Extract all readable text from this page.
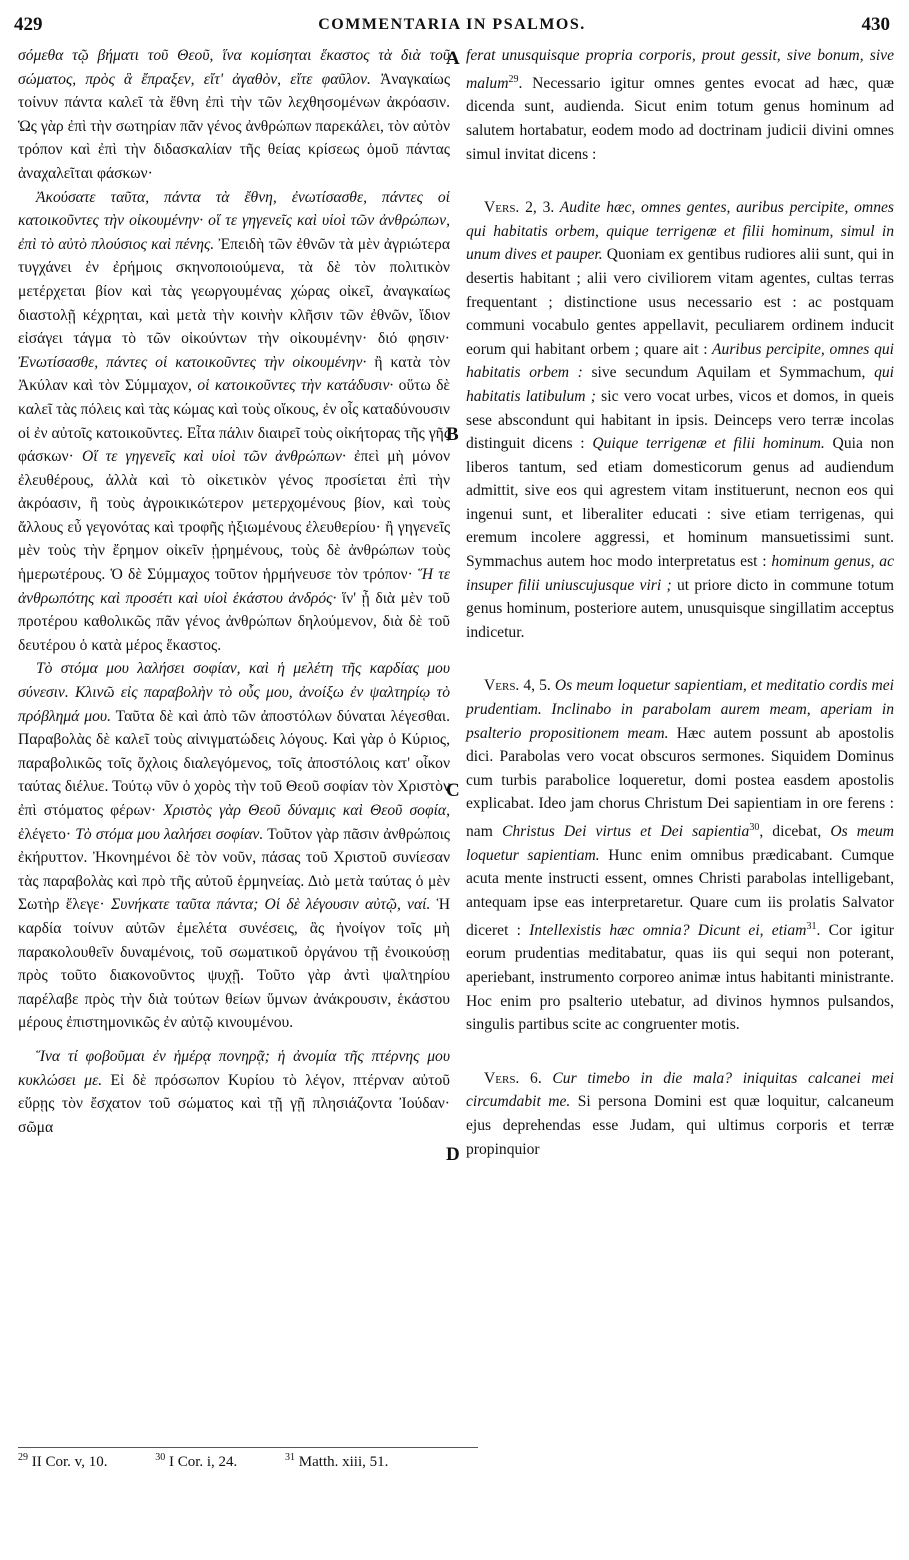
429	COMMENTARIA IN PSALMOS.	430
A
B
C
D

σόμεθα τῷ βήματι τοῦ Θεοῦ, ἵνα κομίσηται ἕκαστος τὰ διὰ τοῦ σώματος, πρὸς ἃ ἔπραξεν, εἴτ' ἀγαθὸν, εἴτε φαῦλον. Ἀναγκαίως τοίνυν πάντα καλεῖ τὰ ἔθνη ἐπὶ τὴν τῶν λεχθησομένων ἀκρόασιν. Ὡς γὰρ ἐπὶ τὴν σωτηρίαν πᾶν γένος ἀνθρώπων παρεκάλει, τὸν αὐτὸν τρόπον καὶ ἐπὶ τὴν διδασκαλίαν τῆς θείας κρίσεως ὁμοῦ πάντας ἀναχαλεῖται φάσκων·

Ἀκούσατε ταῦτα, πάντα τὰ ἔθνη, ἐνωτίσασθε, πάντες οἱ κατοικοῦντες τὴν οἰκουμένην· οἵ τε γηγενεῖς καὶ υἱοὶ τῶν ἀνθρώπων, ἐπὶ τὸ αὐτὸ πλούσιος καὶ πένης. Ἐπειδὴ τῶν ἐθνῶν τὰ μὲν ἀγριώτερα τυγχάνει ἐν ἐρήμοις σκηνοποιούμενα, τὰ δὲ τὸν πολιτικὸν μετέρχεται βίον καὶ τὰς γεωργουμένας χώρας οἰκεῖ, ἀναγκαίως διαστολῇ κέχρηται, καὶ μετὰ τὴν κοινὴν κλῆσιν τῶν ἐθνῶν, ἴδιον εἰσάγει τάγμα τὸ τῶν οἰκούντων τὴν οἰκουμένην· διό φησιν· Ἐνωτίσασθε, πάντες οἱ κατοικοῦντες τὴν οἰκουμένην· ἢ κατὰ τὸν Ἀκύλαν καὶ τὸν Σύμμαχον, οἱ κατοικοῦντες τὴν κατάδυσιν· οὕτω δὲ καλεῖ τὰς πόλεις καὶ τὰς κώμας καὶ τοὺς οἴκους, ἐν οἷς καταδύνουσιν οἱ ἐν αὐτοῖς κατοικοῦντες. Εἶτα πάλιν διαιρεῖ τοὺς οἰκήτορας τῆς γῆς φάσκων· Οἵ τε γηγενεῖς καὶ υἱοὶ τῶν ἀνθρώπων· ἐπεὶ μὴ μόνον ἐλευθέρους, ἀλλὰ καὶ τὸ οἰκετικὸν γένος προσίεται ἐπὶ τὴν ἀκρόασιν, ἢ τοὺς ἀγροικικώτερον μετερχομένους βίον, καὶ τοὺς ἄλλους εὖ γεγονότας καὶ τροφῆς ἠξιωμένους ἐλευθερίου· ἢ γηγενεῖς μὲν τοὺς τὴν ἔρημον οἰκεῖν ᾑρημένους, τοὺς δὲ ἀνθρώπων τοὺς ἡμερωτέρους. Ὁ δὲ Σύμμαχος τοῦτον ἡρμήνευσε τὸν τρόπον· Ἥ τε ἀνθρωπότης καὶ προσέτι καὶ υἱοὶ ἑκάστου ἀνδρός· ἵν' ᾖ διὰ μὲν τοῦ προτέρου καθολικῶς πᾶν γένος ἀνθρώπων δηλούμενον, διὰ δὲ τοῦ δευτέρου ὁ κατὰ μέρος ἕκαστος.

Τὸ στόμα μου λαλήσει σοφίαν, καὶ ἡ μελέτη τῆς καρδίας μου σύνεσιν. Κλινῶ εἰς παραβολὴν τὸ οὖς μου, ἀνοίξω ἐν ψαλτηρίῳ τὸ πρόβλημά μου. Ταῦτα δὲ καὶ ἀπὸ τῶν ἀποστόλων δύναται λέγεσθαι. Παραβολὰς δὲ καλεῖ τοὺς αἰνιγματώδεις λόγους. Καὶ γὰρ ὁ Κύριος, παραβολικῶς τοῖς ὄχλοις διαλεγόμενος, τοῖς ἀποστόλοις κατ' οἶκον ταύτας διέλυε. Τούτῳ νῦν ὁ χορὸς τὴν τοῦ Θεοῦ σοφίαν τὸν Χριστὸν ἐπὶ στόματος φέρων· Χριστὸς γὰρ Θεοῦ δύναμις καὶ Θεοῦ σοφία, ἐλέγετο· Τὸ στόμα μου λαλήσει σοφίαν. Τοῦτον γὰρ πᾶσιν ἀνθρώποις ἐκήρυττον. Ἠκονημένοι δὲ τὸν νοῦν, πάσας τοῦ Χριστοῦ συνίεσαν τὰς παραβολὰς καὶ πρὸ τῆς αὐτοῦ ἑρμηνείας. Διὸ μετὰ ταύτας ὁ μὲν Σωτὴρ ἔλεγε· Συνήκατε ταῦτα πάντα; Οἱ δὲ λέγουσιν αὐτῷ, ναί. Ἡ καρδία τοίνυν αὐτῶν ἐμελέτα συνέσεις, ἃς ἠνοίγον τοῖς μὴ παρακολουθεῖν δυναμένοις, τοῦ σωματικοῦ ὀργάνου τῇ ἐνοικούσῃ πρὸς τοῦτο διακονοῦντος ψυχῇ. Τοῦτο γὰρ ἀντὶ ψαλτηρίου παρέλαβε πρὸς τὴν διὰ τούτων θείων ὕμνων ἀνάκρουσιν, ἑκάστου μέρους ἐπιστημονικῶς ἐν αὐτῷ κινουμένου.

Ἵνα τί φοβοῦμαι ἐν ἡμέρᾳ πονηρᾷ; ἡ ἀνομία τῆς πτέρνης μου κυκλώσει με. Εἰ δὲ πρόσωπον Κυρίου τὸ λέγον, πτέρναν αὐτοῦ εὕρῃς τὸν ἔσχατον τοῦ σώματος καὶ τῇ γῇ πλησιάζοντα Ἰούδαν· σῶμα

ferat unusquisque propria corporis, prout gessit, sive bonum, sive malum$^{29}$. Necessario igitur omnes gentes evocat ad hæc, quæ dicenda sunt, audienda. Sicut enim totum genus hominum ad salutem hortabatur, eodem modo ad doctrinam judicii divini omnes simul invitat dicens :

Vers. 2, 3. Audite hæc, omnes gentes, auribus percipite, omnes qui habitatis orbem, quique terrigenæ et filii hominum, simul in unum dives et pauper. Quoniam ex gentibus rudiores alii sunt, qui in desertis habitant ; alii vero civiliorem vitam agentes, cultas terras frequentant ; distinctione usus necessario est : ac postquam communi vocabulo gentes appellavit, peculiarem ordinem inducit eorum qui habitant orbem ; quare ait : Auribus percipite, omnes qui habitatis orbem : sive secundum Aquilam et Symmachum, qui habitatis latibulum ; sic vero vocat urbes, vicos et domos, in queis sese abscondunt qui habitant in ipsis. Deinceps vero terræ incolas distinguit dicens : Quique terrigenæ et filii hominum. Quia non liberos tantum, sed etiam domesticorum genus ad audiendum admittit, sive eos qui agrestem vitam instituerunt, necnon eos qui ingenui sunt, et liberaliter educati : sive etiam terrigenas, qui eremum incolere aggressi, et hominum mansuetissimi sunt. Symmachus autem hoc modo interpretatus est : hominum genus, ac insuper filii uniuscujusque viri ; ut priore dicto in commune totum genus hominum, posteriore autem, unusquisque singillatim acceptus indicetur.

Vers. 4, 5. Os meum loquetur sapientiam, et meditatio cordis mei prudentiam. Inclinabo in parabolam aurem meam, aperiam in psalterio propositionem meam. Hæc autem possunt ab apostolis dici. Parabolas vero vocat obscuros sermones. Siquidem Dominus cum turbis parabolice loqueretur, domi postea easdem apostolis explicabat. Ideo jam chorus Christum Dei sapientiam in ore ferens : nam Christus Dei virtus et Dei sapientia$^{30}$, dicebat, Os meum loquetur sapientiam. Hunc enim omnibus prædicabant. Cumque acuta mente instructi essent, omnes Christi parabolas intelligebant, antequam ipse eas interpretaretur. Quare cum iis prolatis Salvator diceret : Intellexistis hæc omnia? Dicunt ei, etiam$^{31}$. Cor igitur eorum prudentias meditabatur, quas iis qui sequi non poterant, aperiebant, instrumento corporeo animæ intus habitanti ministrante. Hoc enim pro psalterio utebatur, ad divinos hymnos pulsandos, singulis partibus scite ac congruenter motis.

Vers. 6. Cur timebo in die mala? iniquitas calcanei mei circumdabit me. Si persona Domini est quæ loquitur, calcaneum ejus deprehendas esse Judam, qui ultimus corporis et terræ propinquior

$^{29}$ II Cor. v, 10.	$^{30}$ I Cor. i, 24.	$^{31}$ Matth. xiii, 51.
